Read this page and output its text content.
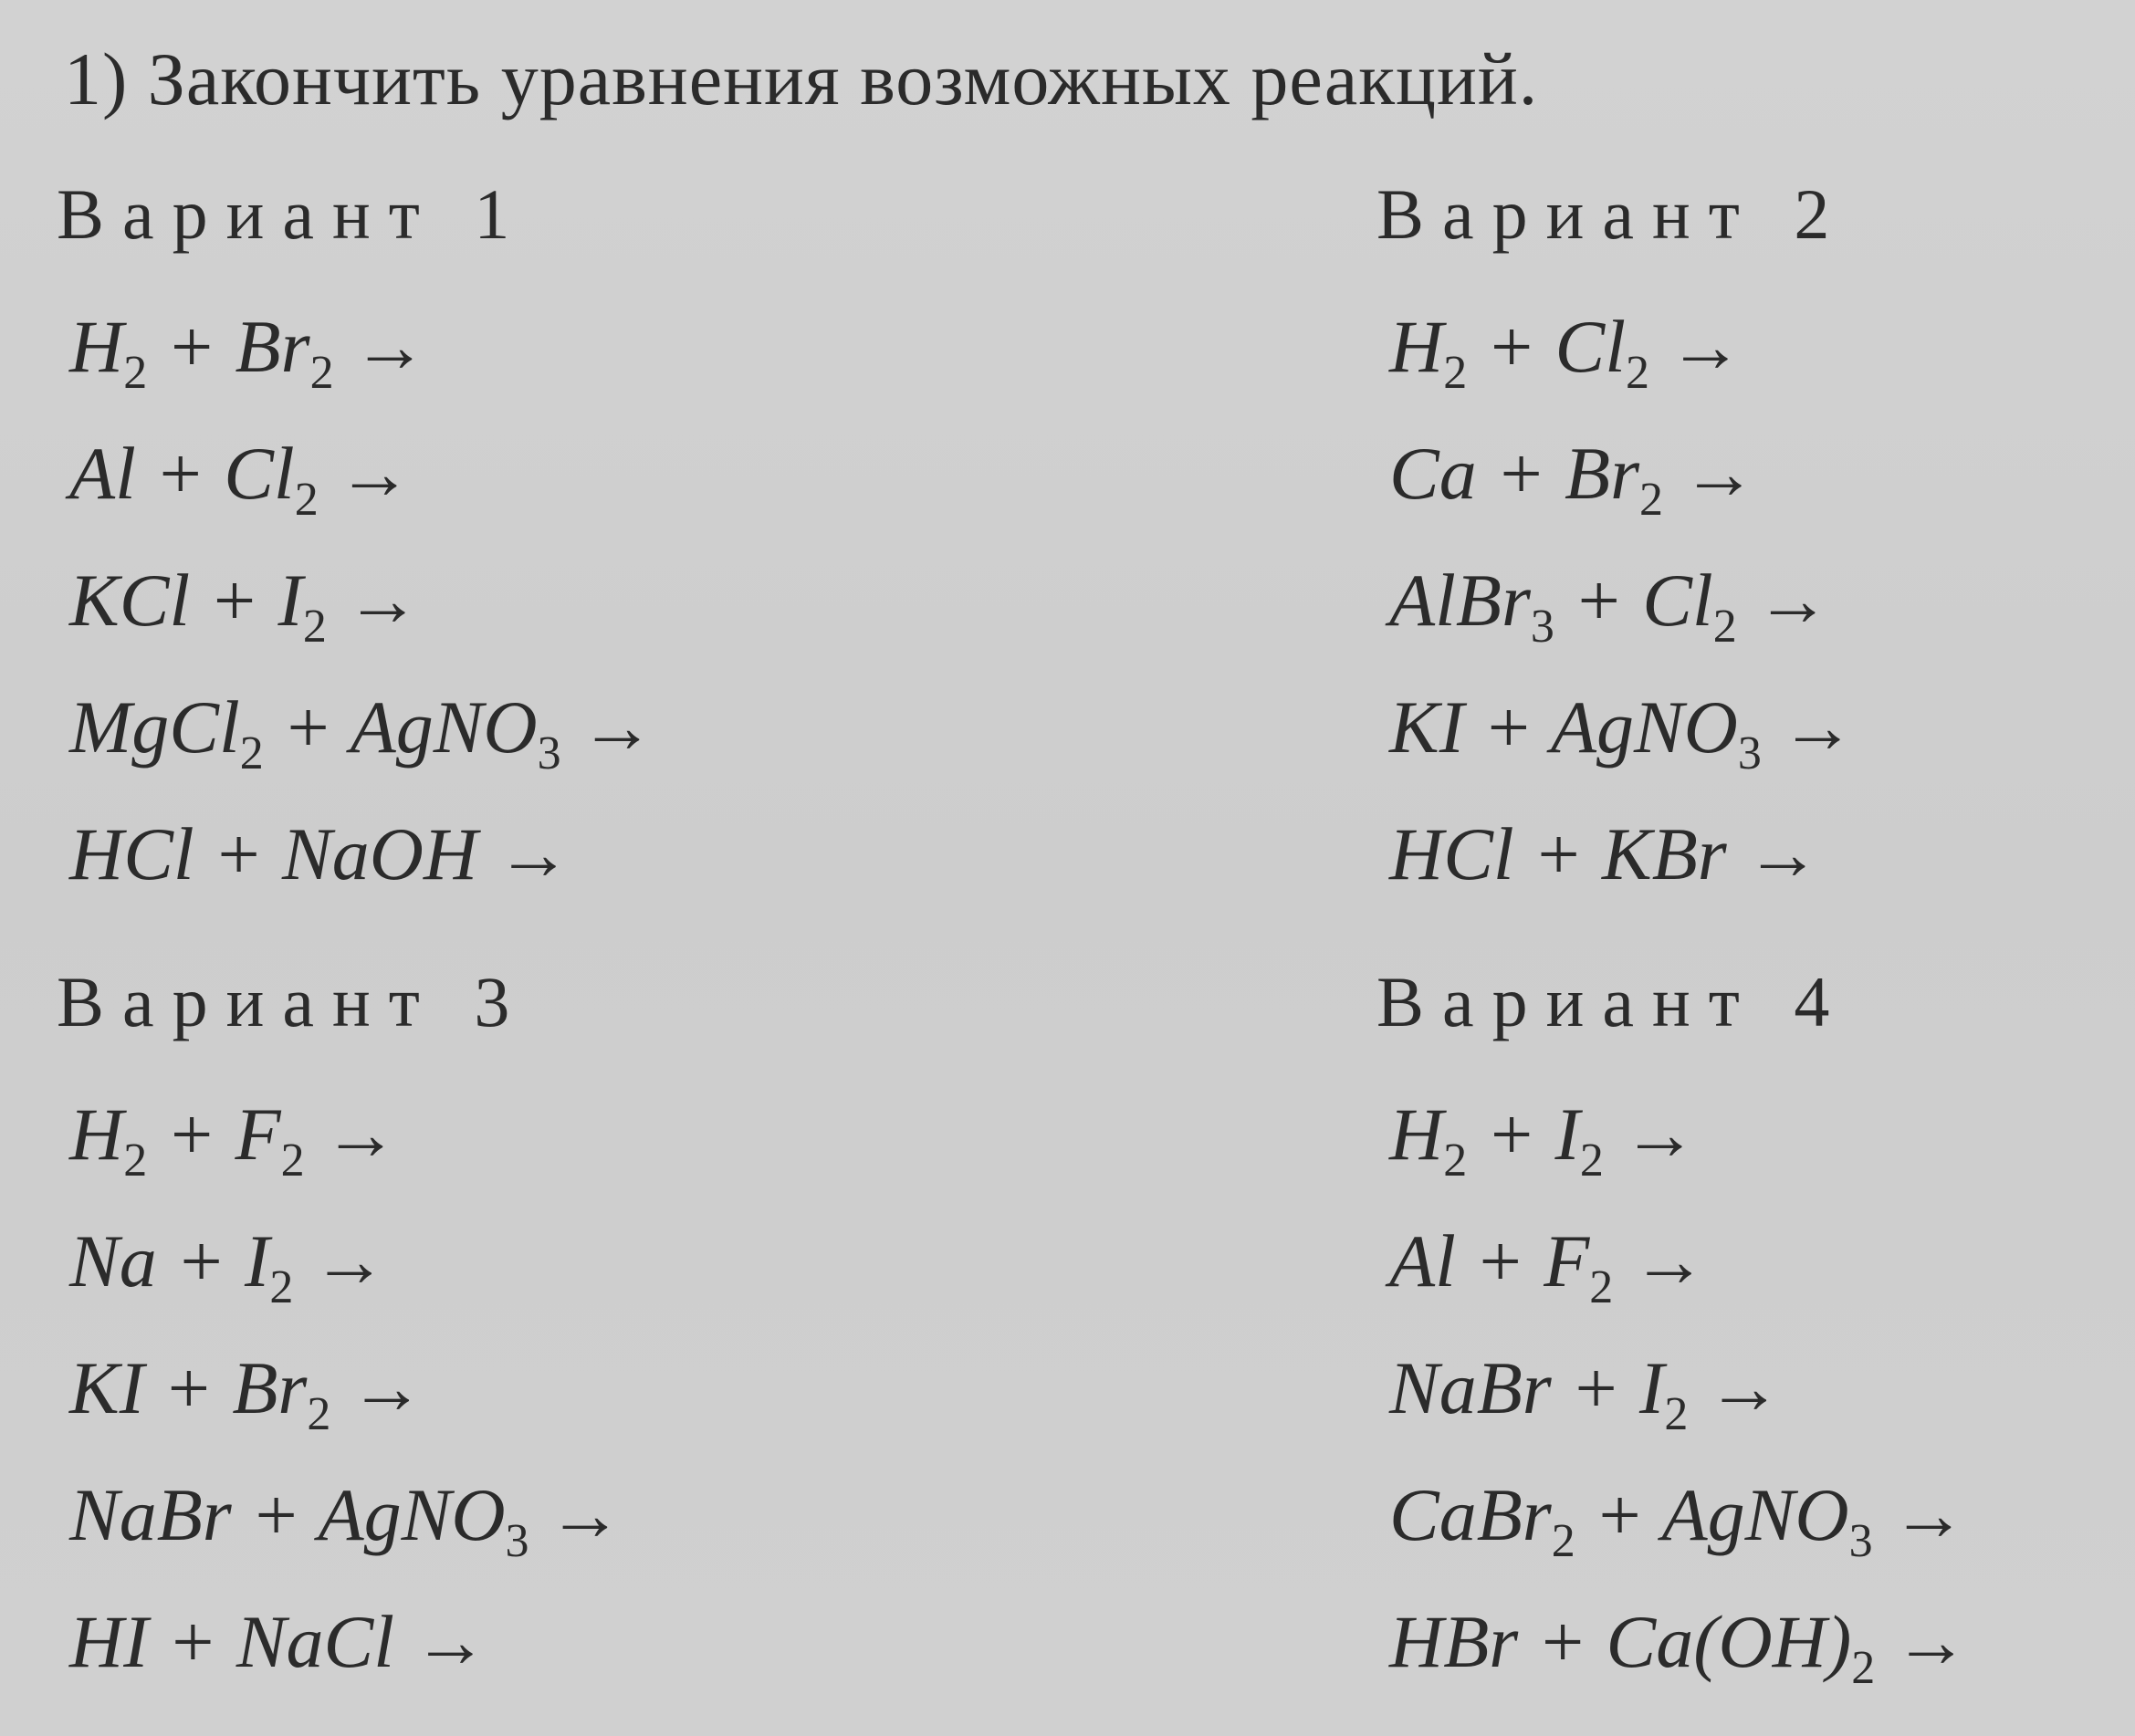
1) Закончить уравнения возможных реакций.
Вариант 1
$H_2 + Br_2$ →
$Al + Cl_2$ →
KCl + $I_2$ →
MgCl$_2$ + AgNO$_3$ →
HCl + NaOH →
Вариант 2
$H_2 + Cl_2$ →
$Ca + Br_2$ →
AlBr$_3$ + $Cl_2$ →
KI + AgNO$_3$ →
HCl + KBr →
Вариант 3
$H_2 + F_2$ →
$Na + I_2$ →
KI + $Br_2$ →
NaBr + AgNO$_3$ →
HI + NaCl →
Вариант 4
$H_2 + I_2$ →
$Al + F_2$ →
NaBr + $I_2$ →
CaBr$_2$ + AgNO$_3$ →
HBr + $Ca(OH)_2$ →
